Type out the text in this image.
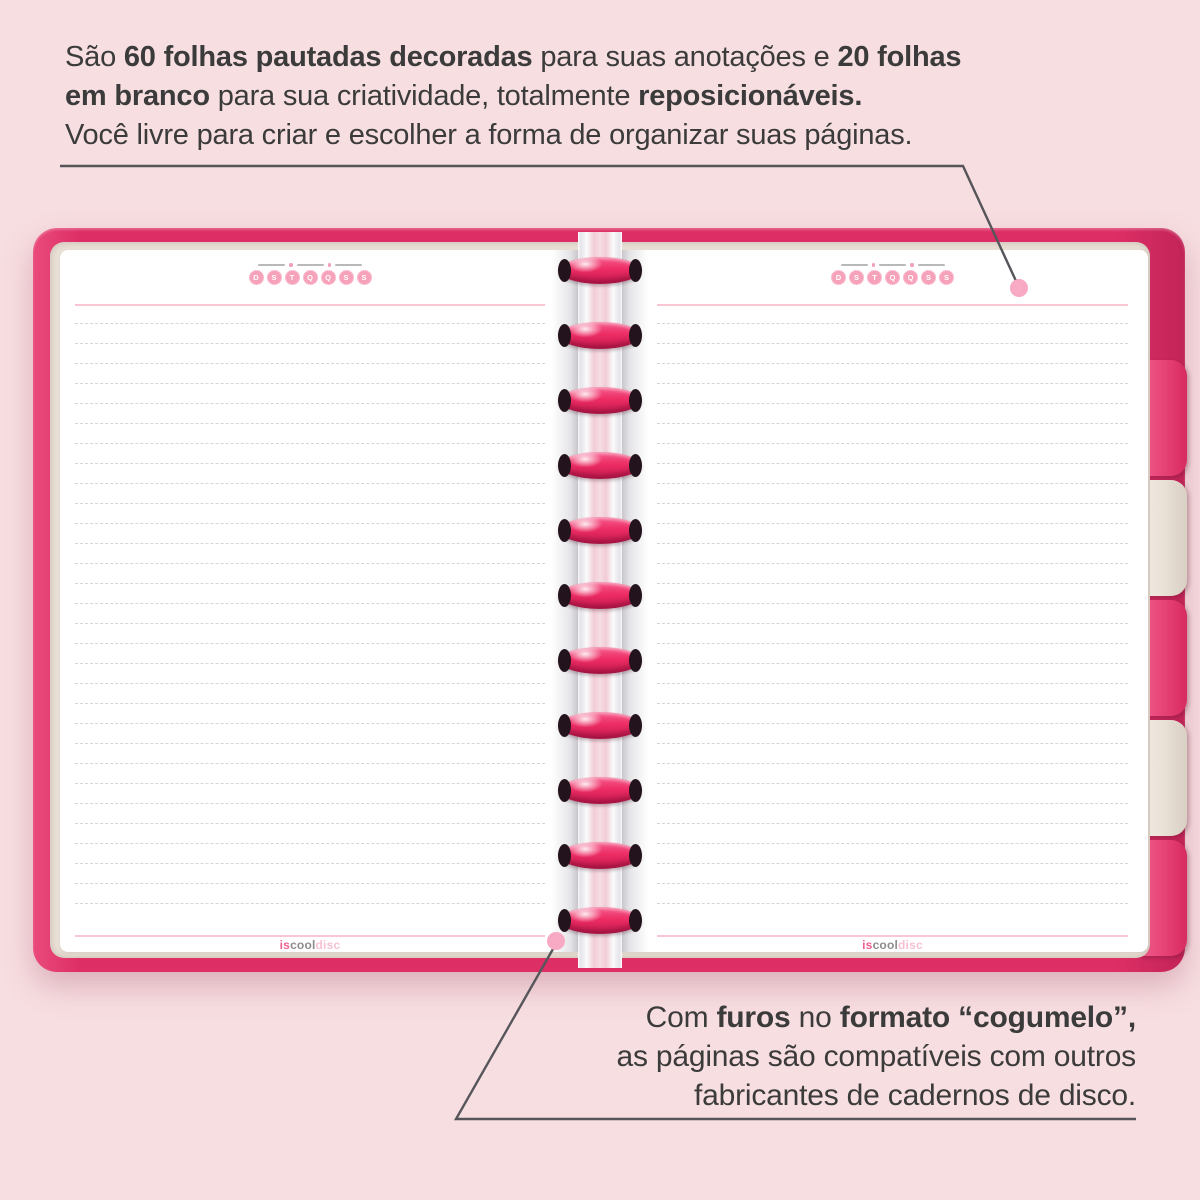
São 60 folhas pautadas decoradas para suas anotações e 20 folhas
em branco para sua criatividade, totalmente reposicionáveis.
Você livre para criar e escolher a forma de organizar suas páginas.

D	S	T	Q	Q	S	S
iscooldisc
D	S	T	Q	Q	S	S
iscooldisc

Com furos no formato “cogumelo”,
as páginas são compatíveis com outros
fabricantes de cadernos de disco.
